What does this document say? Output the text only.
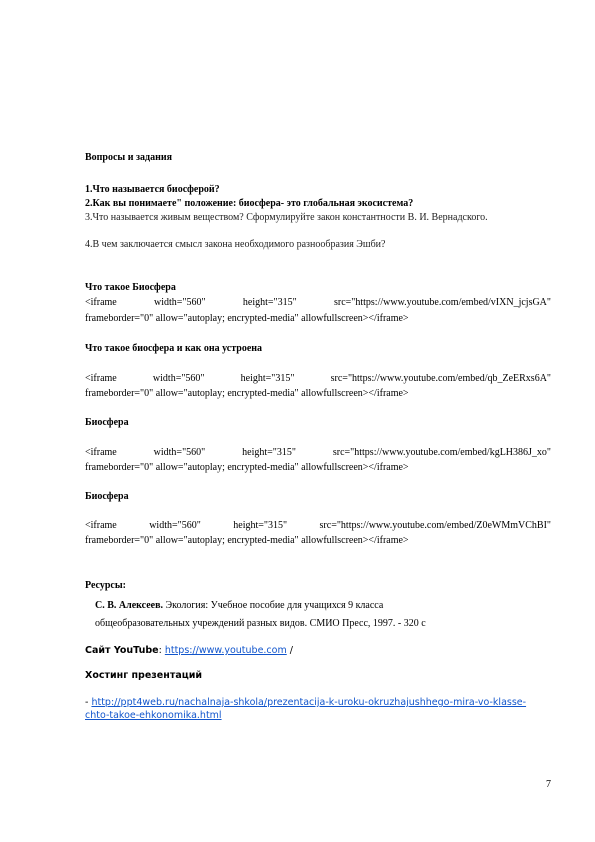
Вопросы и задания
1.Что называется биосферой?
2.Как вы понимаете" положение: биосфера- это глобальная экосистема?
3.Что называется живым веществом? Сформулируйте закон константности В. И. Вернадского.
4.В чем заключается смысл закона необходимого разнообразия Эшби?
Что такое Биосфера
<iframe width="560" height="315" src="https://www.youtube.com/embed/vIXN_jcjsGA"
frameborder="0" allow="autoplay; encrypted-media" allowfullscreen></iframe>
Что такое биосфера и как она устроена
<iframe width="560" height="315" src="https://www.youtube.com/embed/qb_ZeERxs6A"
frameborder="0" allow="autoplay; encrypted-media" allowfullscreen></iframe>
Биосфера
<iframe width="560" height="315" src="https://www.youtube.com/embed/kgLH386J_xo"
frameborder="0" allow="autoplay; encrypted-media" allowfullscreen></iframe>
Биосфера
<iframe width="560" height="315" src="https://www.youtube.com/embed/Z0eWMmVChBI"
frameborder="0" allow="autoplay; encrypted-media" allowfullscreen></iframe>
Ресурсы:
С. В. Алексеев. Экология: Учебное пособие для учащихся 9 класса
общеобразовательных учреждений разных видов. СМИО Пресс, 1997. - 320 с
Сайт YouTube: https://www.youtube.com /
Хостинг презентаций
- http://ppt4web.ru/nachalnaja-shkola/prezentacija-k-uroku-okruzhajushhego-mira-vo-klasse-
chto-takoe-ehkonomika.html
7
